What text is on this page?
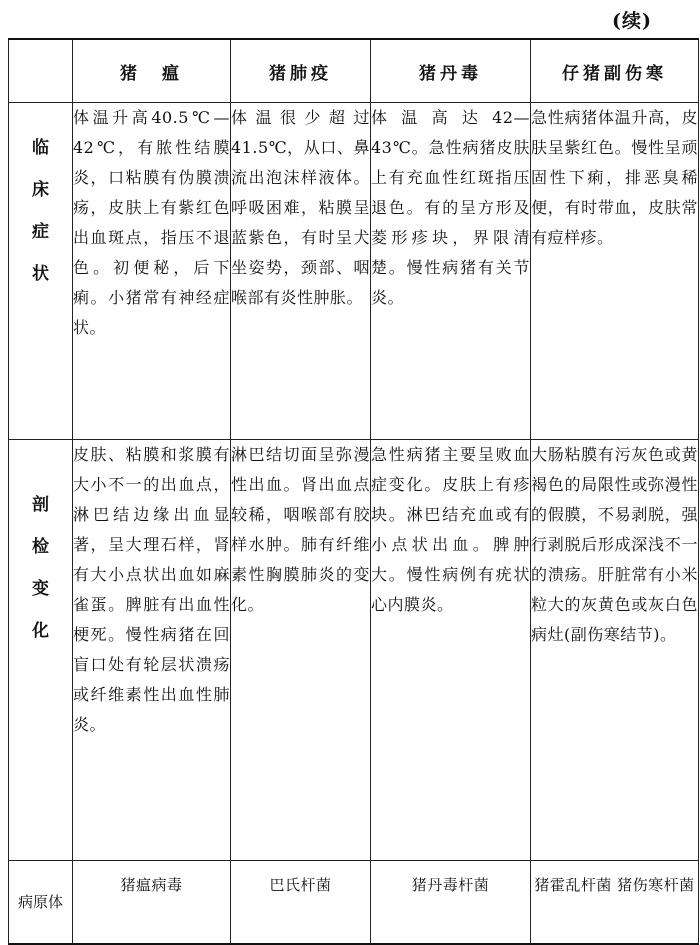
(续)
	猪　瘟	猪肺疫	猪丹毒	仔猪副伤寒

临
床
症
状	体温升高40.5℃—42℃，有脓性结膜炎，口粘膜有伪膜溃疡，皮肤上有紫红色出血斑点，指压不退色。初便秘，后下痢。小猪常有神经症状。	体温很少超过41.5℃，从口、鼻流出泡沫样液体。呼吸困难，粘膜呈蓝紫色，有时呈犬坐姿势，颈部、咽喉部有炎性肿胀。	体温高达42—43℃。急性病猪皮肤上有充血性红斑指压退色。有的呈方形及菱形疹块，界限清楚。慢性病猪有关节炎。	急性病猪体温升高，皮肤呈紫红色。慢性呈顽固性下痢，排恶臭稀便，有时带血，皮肤常有痘样疹。

剖
检
变
化	皮肤、粘膜和浆膜有大小不一的出血点，淋巴结边缘出血显著，呈大理石样，肾有大小点状出血如麻雀蛋。脾脏有出血性梗死。慢性病猪在回盲口处有轮层状溃疡或纤维素性出血性肺炎。	淋巴结切面呈弥漫性出血。肾出血点较稀，咽喉部有胶样水肿。肺有纤维素性胸膜肺炎的变化。	急性病猪主要呈败血症变化。皮肤上有疹块。淋巴结充血或有小点状出血。脾肿大。慢性病例有疣状心内膜炎。	大肠粘膜有污灰色或黄褐色的局限性或弥漫性的假膜，不易剥脱，强行剥脱后形成深浅不一的溃疡。肝脏常有小米粒大的灰黄色或灰白色病灶(副伤寒结节)。
病原体	猪瘟病毒	巴氏杆菌	猪丹毒杆菌	猪霍乱杆菌 猪伤寒杆菌
